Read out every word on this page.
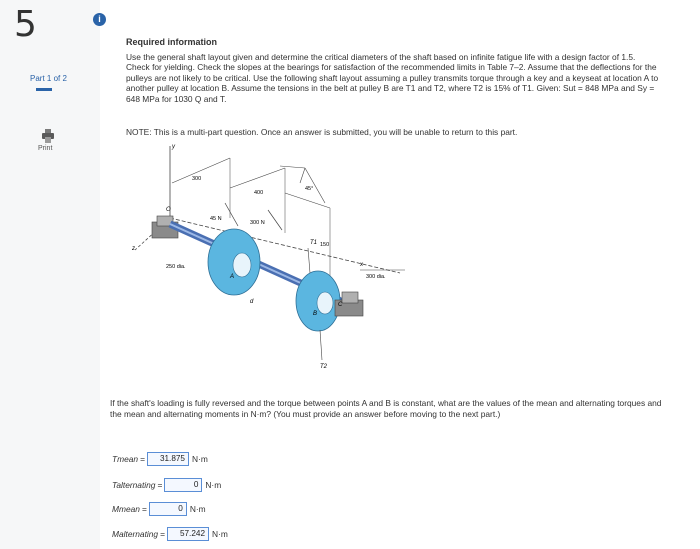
5	i
Part 1 of 2
Print
Required information
Use the general shaft layout given and determine the critical diameters of the shaft based on infinite fatigue life with a design factor of 1.5. Check for yielding. Check the slopes at the bearings for satisfaction of the recommended limits in Table 7–2. Assume that the deflections for the pulleys are not likely to be critical. Use the following shaft layout assuming a pulley transmits torque through a key and a keyseat at location A to another pulley at location B. Assume the tensions in the belt at pulley B are T1 and T2, where T2 is 15% of T1. Given: Sut = 848 MPa and Sy = 648 MPa for 1030 Q and T.
NOTE: This is a multi-part question. Once an answer is submitted, you will be unable to return to this part.
y
z
x
O
A
B
C
300
400
150
45 N
300 N
45°
250 dia.
300 dia.
T1
T2
d
If the shaft's loading is fully reversed and the torque between points A and B is constant, what are the values of the mean and alternating torques and the mean and alternating moments in N·m? (You must provide an answer before moving to the next part.)
Tmean =	31.875 N·m
Talternating =	0 N·m
Mmean =	0 N·m
Malternating =	57.242 N·m
